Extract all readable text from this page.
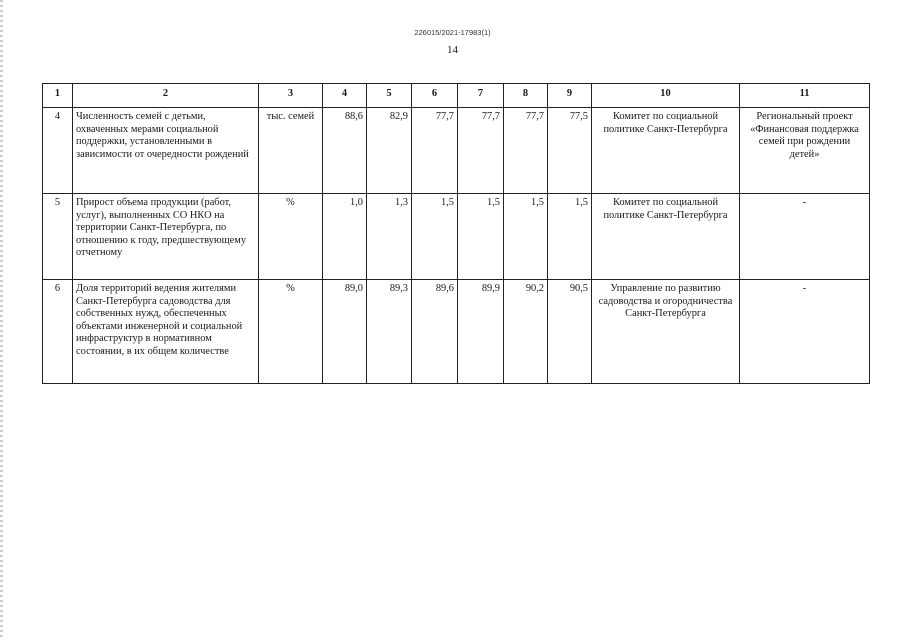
226015/2021-17983(1)
14
1	2	3	4	5	6	7	8	9	10	11
4	Численность семей с детьми, охваченных мерами социальной поддержки, установленными в зависимости от очередности рождений	тыс. семей	88,6	82,9	77,7	77,7	77,7	77,5	Комитет по социальной политике Санкт-Петербурга	Региональный проект «Финансовая поддержка семей при рождении детей»
5	Прирост объема продукции (работ, услуг), выполненных СО НКО на территории Санкт-Петербурга, по отношению к году, предшествующему отчетному	%	1,0	1,3	1,5	1,5	1,5	1,5	Комитет по социальной политике Санкт-Петербурга	-
6	Доля территорий ведения жителями Санкт-Петербурга садоводства для собственных нужд, обеспеченных объектами инженерной и социальной инфраструктур в нормативном состоянии, в их общем количестве	%	89,0	89,3	89,6	89,9	90,2	90,5	Управление по развитию садоводства и огородничества Санкт-Петербурга	-
